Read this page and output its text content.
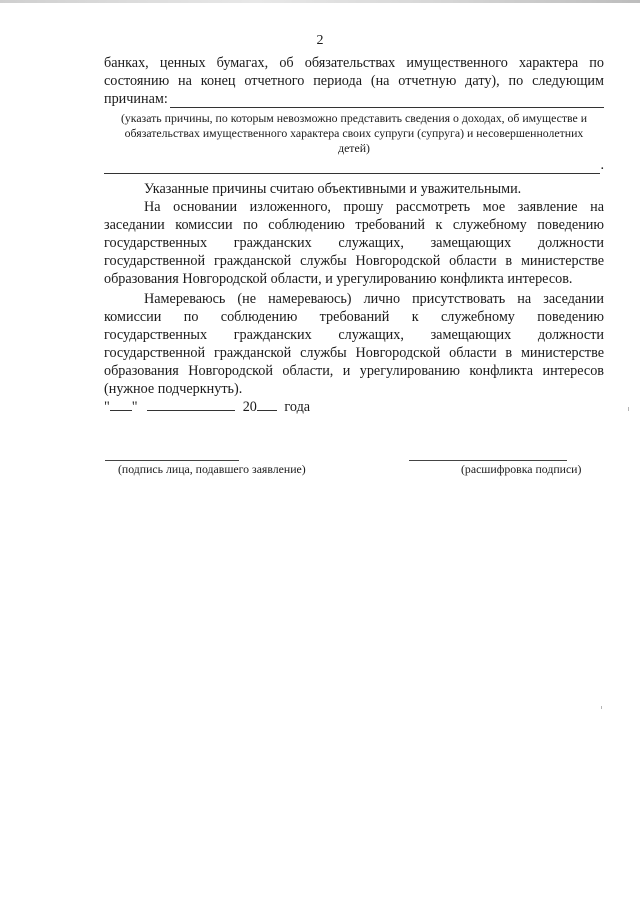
2
банках, ценных бумагах, об обязательствах имущественного характера по
состоянию на конец отчетного периода (на отчетную дату), по следующим
причинам:
(указать причины, по которым невозможно представить сведения о доходах, об имуществе и обязательствах имущественного характера своих супруги (супруга) и несовершеннолетних детей)
.
Указанные причины считаю объективными и уважительными.
На основании изложенного, прошу рассмотреть мое заявление на
заседании комиссии по соблюдению требований к служебному поведению
государственных гражданских служащих, замещающих должности
государственной гражданской службы Новгородской области в министерстве
образования Новгородской области, и урегулированию конфликта интересов.
Намереваюсь (не намереваюсь) лично присутствовать на заседании
комиссии по соблюдению требований к служебному поведению
государственных гражданских служащих, замещающих должности
государственной гражданской службы Новгородской области в министерстве
образования Новгородской области, и урегулированию конфликта интересов
(нужное подчеркнуть).
" "	20 года
(подпись лица, подавшего заявление)	(расшифровка подписи)
